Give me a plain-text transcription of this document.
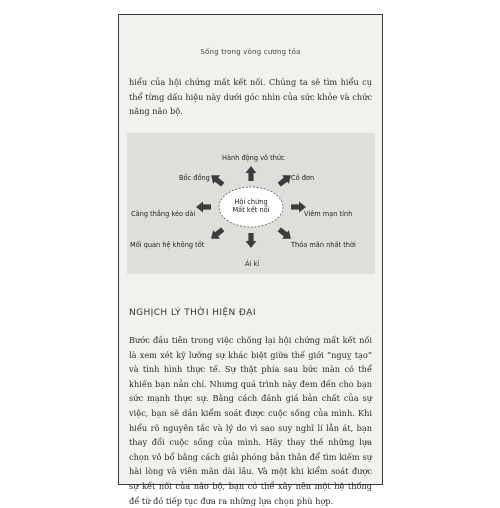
Sống trong vòng cương tỏa

hiểu của hội chứng mất kết nối. Chúng ta sẽ tìm hiểu cụ thể từng dấu hiệu này dưới góc nhìn của sức khỏe và chức năng não bộ.

Hội chứng
Mất kết nối
Hành động vô thức
Bốc đồng	Cô đơn
Căng thẳng kéo dài	Viêm mạn tính
Mối quan hệ không tốt	Thỏa mãn nhất thời
Ái kỉ
NGHỊCH LÝ THỜI HIỆN ĐẠI

Bước đầu tiên trong việc chống lại hội chứng mất kết nối là xem xét kỹ lưỡng sự khác biệt giữa thế giới “nguỵ tạo” và tình hình thực tế. Sự thật phía sau bức màn có thể khiến bạn nản chí. Nhưng quá trình này đem đến cho bạn sức mạnh thực sự. Bằng cách đánh giá bản chất của sự việc, bạn sẽ dần kiểm soát được cuộc sống của mình. Khi hiểu rõ nguyên tắc và lý do vì sao suy nghĩ lí lẫn át, bạn thay đổi cuộc sống của mình. Hãy thay thế những lựa chọn vô bổ bằng cách giải phóng bản thân để tìm kiếm sự hài lòng và viên mãn dài lâu. Và một khi kiểm soát được sự kết nối của não bộ, bạn có thể xây nên một hệ thống để từ đó tiếp tục đưa ra những lựa chọn phù hợp.
